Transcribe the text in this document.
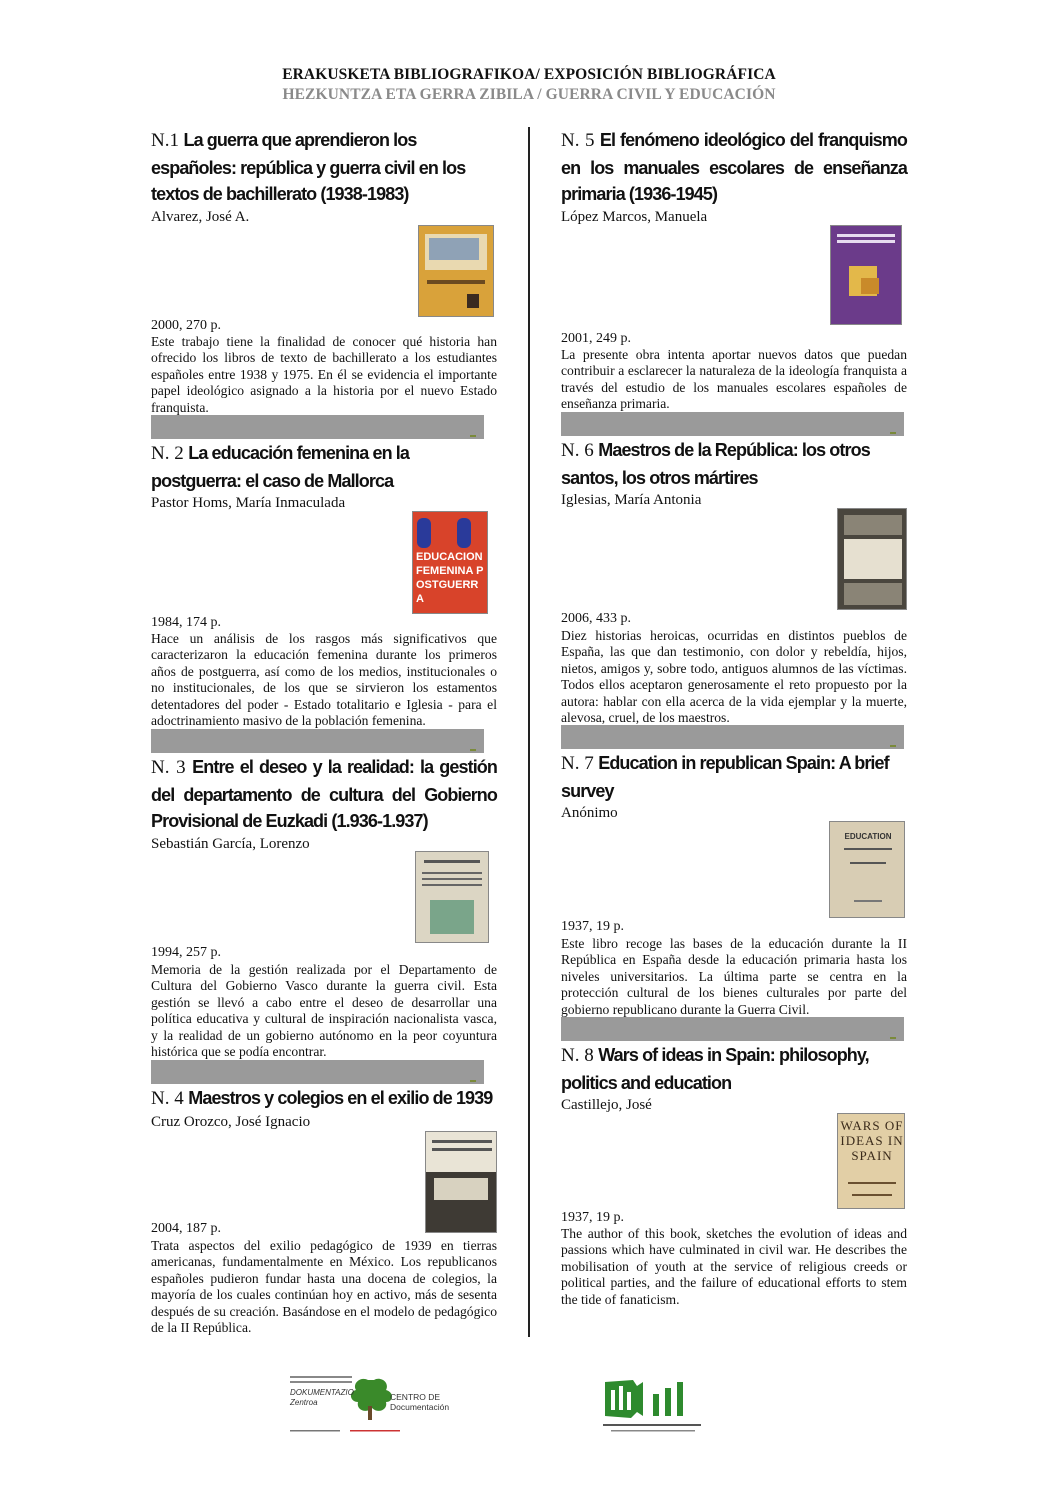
ERAKUSKETA BIBLIOGRAFIKOA/ EXPOSICIÓN BIBLIOGRÁFICA
HEZKUNTZA ETA GERRA ZIBILA / GUERRA CIVIL Y EDUCACIÓN
N.1 La guerra que aprendieron los españoles: república y guerra civil en los textos de bachillerato (1938-1983)
Alvarez, José A.
2000, 270 p.
Este trabajo tiene la finalidad de conocer qué historia han ofrecido los libros de texto de bachillerato a los estudiantes españoles entre 1938 y 1975. En él se evidencia el importante papel ideológico asignado a la historia por el nuevo Estado franquista.
N. 2 La educación femenina en la postguerra: el caso de Mallorca
Pastor Homs, María Inmaculada
EDUCACION FEMENINA POSTGUERRA
1984, 174 p.
Hace un análisis de los rasgos más significativos que caracterizaron la educación femenina durante los primeros años de postguerra, así como de los medios, institucionales o no institucionales, de los que se sirvieron los estamentos detentadores del poder - Estado totalitario e Iglesia - para el adoctrinamiento masivo de la población femenina.
N. 3 Entre el deseo y la realidad: la gestión del departamento de cultura del Gobierno Provisional de Euzkadi (1.936-1.937)
Sebastián García, Lorenzo
1994, 257 p.
Memoria de la gestión realizada por el Departamento de Cultura del Gobierno Vasco durante la guerra civil. Esta gestión se llevó a cabo entre el deseo de desarrollar una política educativa y cultural de inspiración nacionalista vasca, y la realidad de un gobierno autónomo en la peor coyuntura histórica que se podía encontrar.
N. 4 Maestros y colegios en el exilio de 1939
Cruz Orozco, José Ignacio
2004, 187 p.
Trata aspectos del exilio pedagógico de 1939 en tierras americanas, fundamentalmente en México. Los republicanos españoles pudieron fundar hasta una docena de colegios, la mayoría de los cuales continúan hoy en activo, más de sesenta después de su creación. Basándose en el modelo de pedagógico de la II República.
N. 5 El fenómeno ideológico del franquismo en los manuales escolares de enseñanza primaria (1936-1945)
López Marcos, Manuela
2001, 249 p.
La presente obra intenta aportar nuevos datos que puedan contribuir a esclarecer la naturaleza de la ideología franquista a través del estudio de los manuales escolares españoles de enseñanza primaria.
N. 6 Maestros de la República: los otros santos, los otros mártires
Iglesias, María Antonia
2006, 433 p.
Diez historias heroicas, ocurridas en distintos pueblos de España, las que dan testimonio, con dolor y rebeldía, hijos, nietos, amigos y, sobre todo, antiguos alumnos de las víctimas. Todos ellos aceptaron generosamente el reto propuesto por la autora: hablar con ella acerca de la vida ejemplar y la muerte, alevosa, cruel, de los maestros.
N. 7 Education in republican Spain: A brief survey
Anónimo
EDUCATION
1937, 19 p.
Este libro recoge las bases de la educación durante la II República en España desde la educación primaria hasta los niveles universitarios. La última parte se centra en la protección cultural de los bienes culturales por parte del gobierno republicano durante la Guerra Civil.
N. 8 Wars of ideas in Spain: philosophy, politics and education
Castillejo, José
WARS OF IDEAS IN SPAIN
1937, 19 p.
The author of this book, sketches the evolution of ideas and passions which have culminated in civil war. He describes the mobilisation of youth at the service of religious creeds or political parties, and the failure of educational efforts to stem the tide of fanaticism.
DOKUMENTAZIO Zentroa
CENTRO DE Documentación
